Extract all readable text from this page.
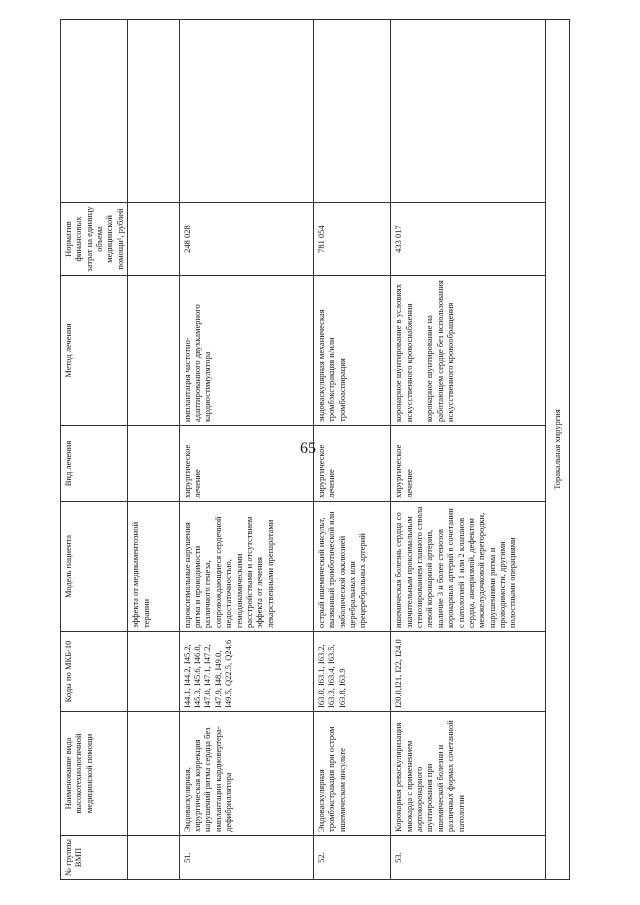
65
№ группы ВМП	Наименование вида высокотехнологичной медицинской помощи	Коды по МКБ-10	Модель пациента	Вид лечения	Метод лечения	Норматив финансовых затрат на единицу объема медицинской помощи¹, рублей	
			эффекта от медикаментозной терапии				
51.	Эндоваскулярная, хирургическая коррекция нарушений ритма сердца без имплантации кардиовертера-дефибриллятора	I44.1, I44.2, I45.2, I45.3, I45.6, I46.0, I47.0, I47.1, I47.2, I47.9, I48, I49.0, I49.5, Q22.5, Q24.6	пароксизмальные нарушения ритма и проводимости различного генеза, сопровождающиеся сердечной недостаточностью, гемодинамическими расстройствами и отсутствием эффекта от лечения лекарственными препаратами	хирургическое лечение	имплантация частотно-адаптированного двухкамерного кардиостимулятора	248 028	
52.	Эндоваскулярная тромбэкстракция при остром ишемическом инсульте	I63.0, I63.1, I63.2, I63.3, I63.4, I63.5, I63.8, I63.9	острый ишемический инсульт, вызванный тромботической или эмболической окклюзией церебральных или прецеребральных артерий	хирургическое лечение	эндоваскулярная механическая тромбэкстракция и/или тромбоаспирация	781 054	
53.	Коронарная реваскуляризация миокарда с применением аортокоронарного шунтирования при ишемической болезни и различных формах сочетанной патологии	I20.0,I21, I22, I24.0	ишемическая болезнь сердца со значительным проксимальным стенозированием главного ствола левой коронарной артерии, наличие 3 и более стенозов коронарных артерий в сочетании с патологией 1 или 2 клапанов сердца, аневризмой, дефектом межжелудочковой перегородки, нарушениями ритма и проводимости, другими полостными операциями	хирургическое лечение	коронарное шунтирование в условиях искусственного кровоснабжения коронарное шунтирование на работающем сердце без использования искусственного кровообращения	433 017	
Торакальная хирургия							
